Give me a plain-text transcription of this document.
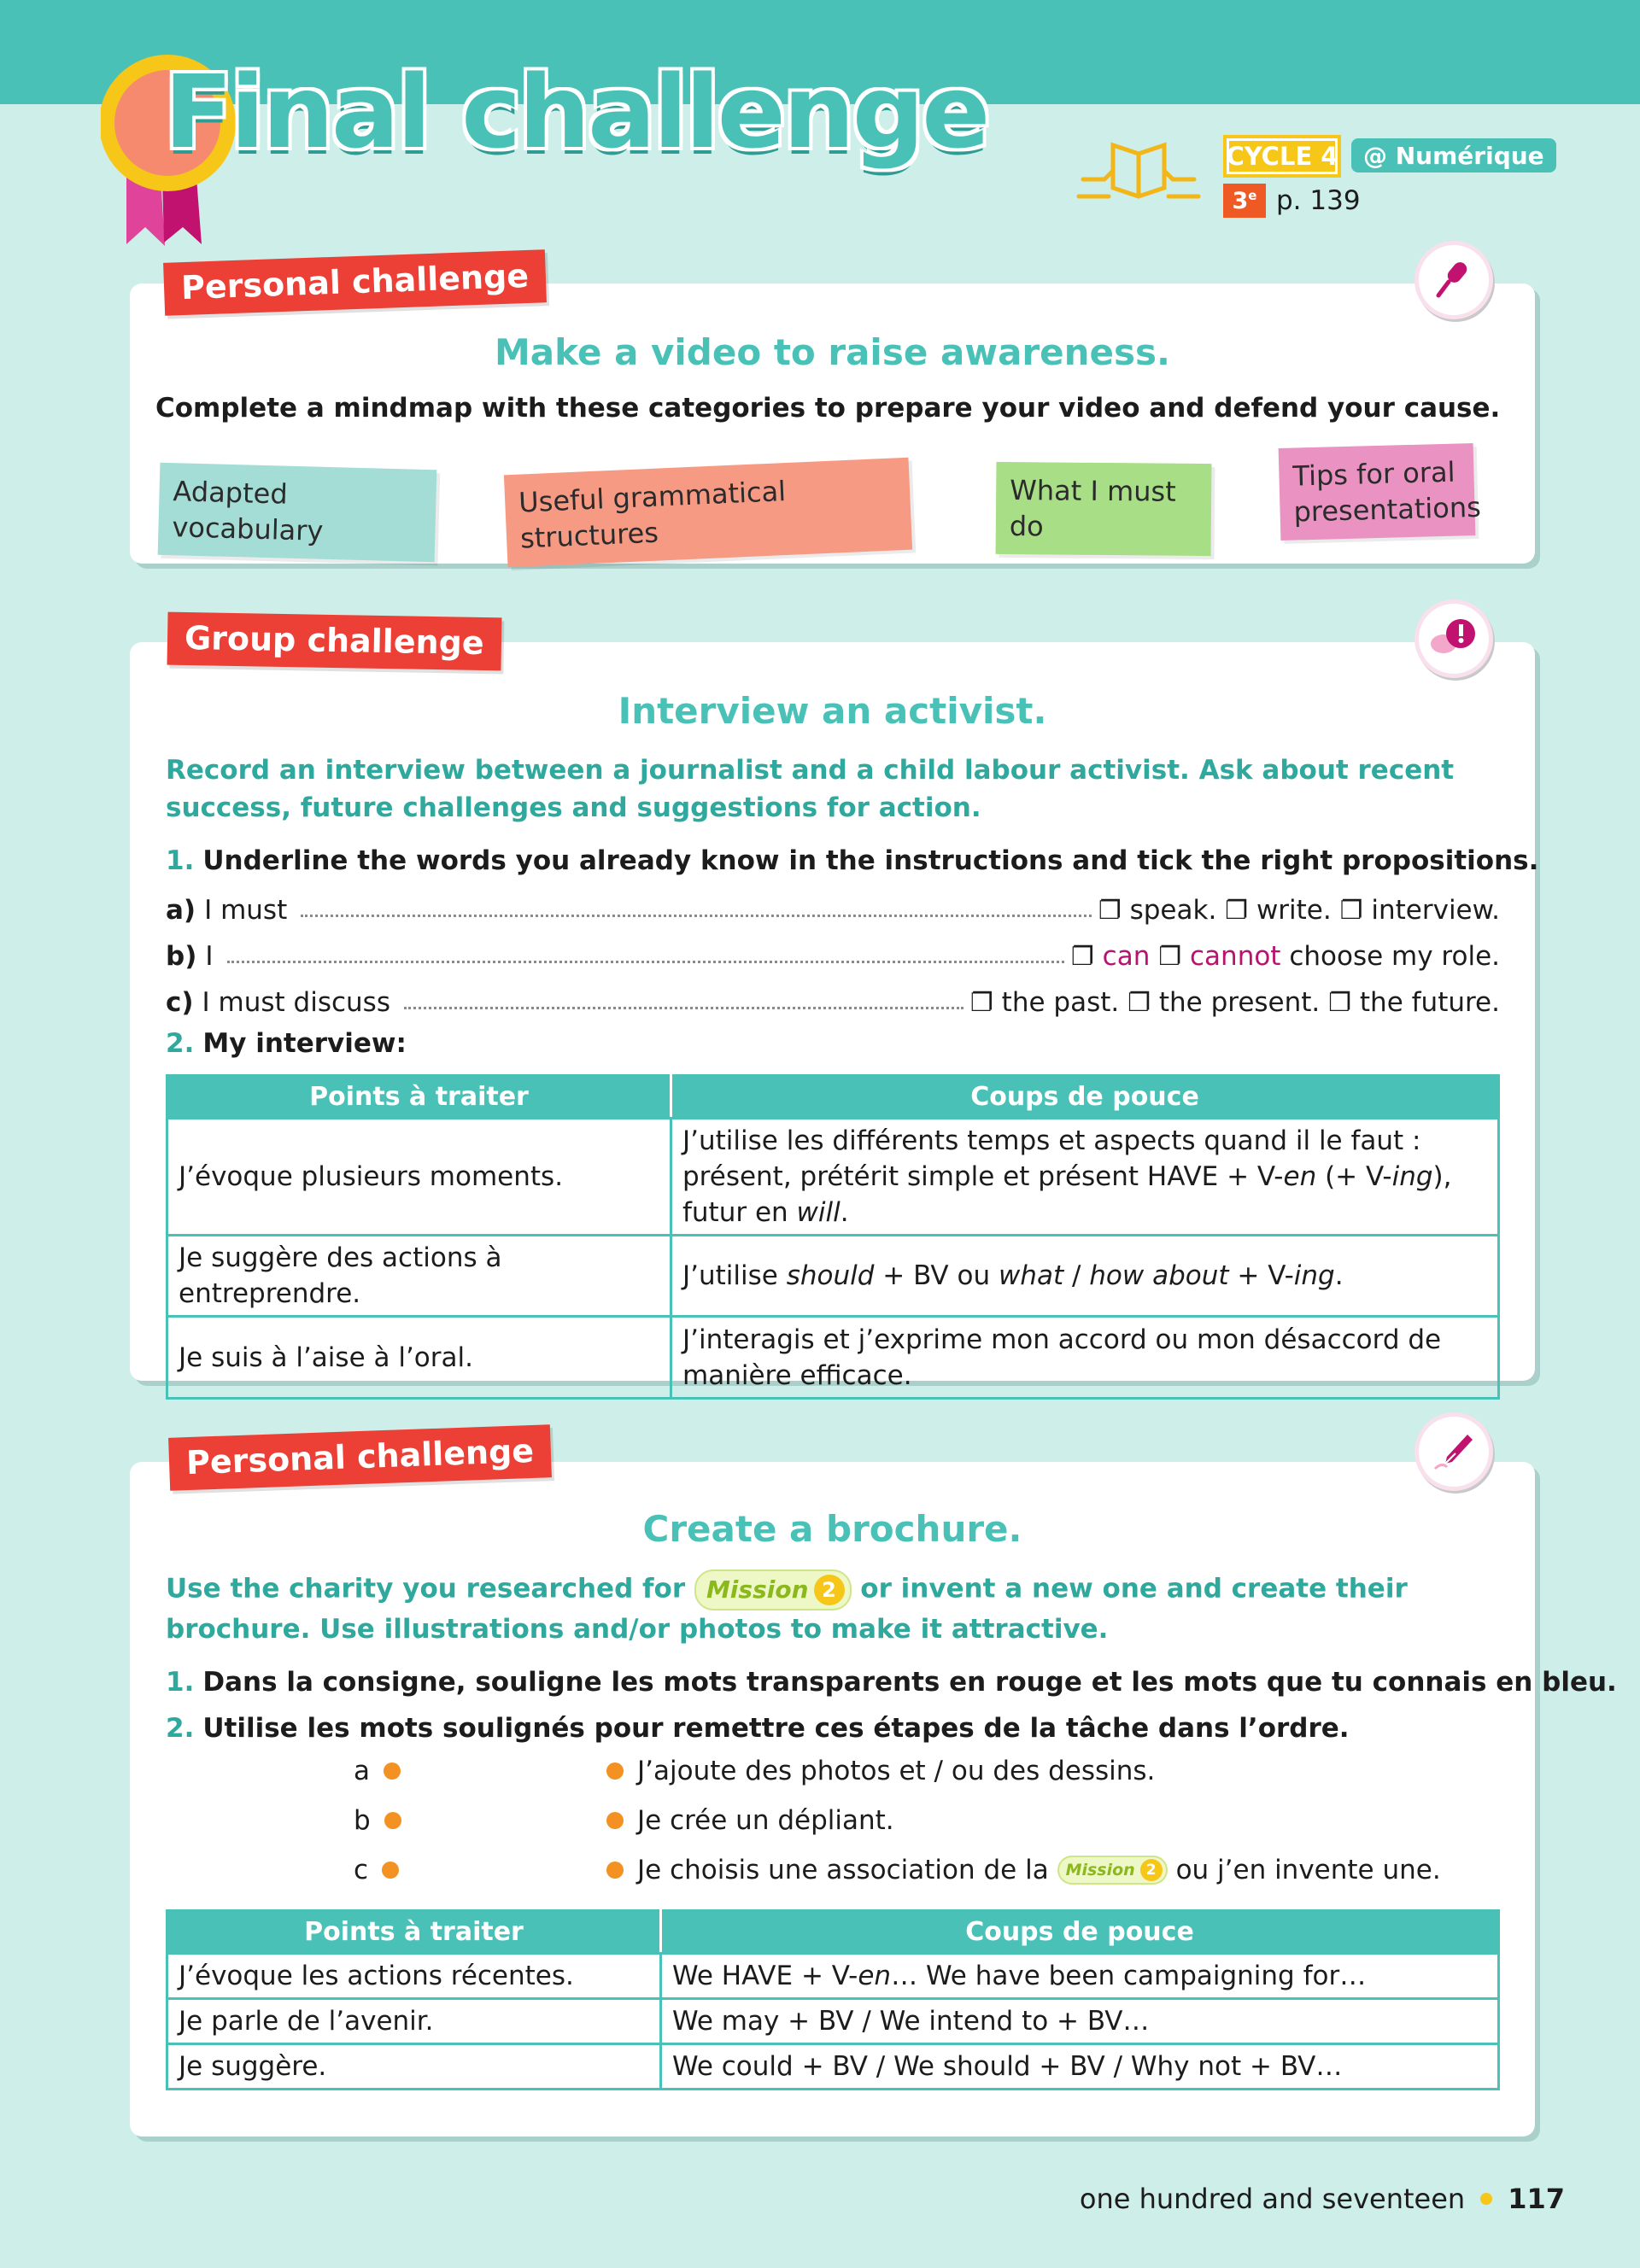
Final challenge	CYCLE 4	@ Numérique
3e p. 139
Personal challenge
Make a video to raise awareness.
Complete a mindmap with these categories to prepare your video and defend your cause.
Adapted vocabulary
Useful grammatical structures
What I must do
Tips for oral presentations
Group challenge
Interview an activist.
Record an interview between a journalist and a child labour activist. Ask about recent success, future challenges and suggestions for action.
1. Underline the words you already know in the instructions and tick the right propositions.
a) I must	❐ speak. ❐ write. ❐ interview.
b) I	❐ can ❐ cannot choose my role.
c) I must discuss	❐ the past. ❐ the present. ❐ the future.
2. My interview:
Points à traiter	Coups de pouce
J’évoque plusieurs moments.	J’utilise les différents temps et aspects quand il le faut : présent, prétérit simple et présent HAVE + V-en (+ V-ing), futur en will.
Je suggère des actions à entreprendre.	J’utilise should + BV ou what / how about + V-ing.
Je suis à l’aise à l’oral.	J’interagis et j’exprime mon accord ou mon désaccord de manière efficace.
Personal challenge
Create a brochure.
Use the charity you researched for Mission 2 or invent a new one and create their brochure. Use illustrations and/or photos to make it attractive.
1. Dans la consigne, souligne les mots transparents en rouge et les mots que tu connais en bleu.
2. Utilise les mots soulignés pour remettre ces étapes de la tâche dans l’ordre.
a
b
c
J’ajoute des photos et / ou des dessins.
Je crée un dépliant.
Je choisis une association de la
Mission 2
ou j’en invente une.
Points à traiter	Coups de pouce
J’évoque les actions récentes.	We HAVE + V-en… We have been campaigning for…
Je parle de l’avenir.	We may + BV / We intend to + BV…
Je suggère.	We could + BV / We should + BV / Why not + BV…
one hundred and seventeen 117
